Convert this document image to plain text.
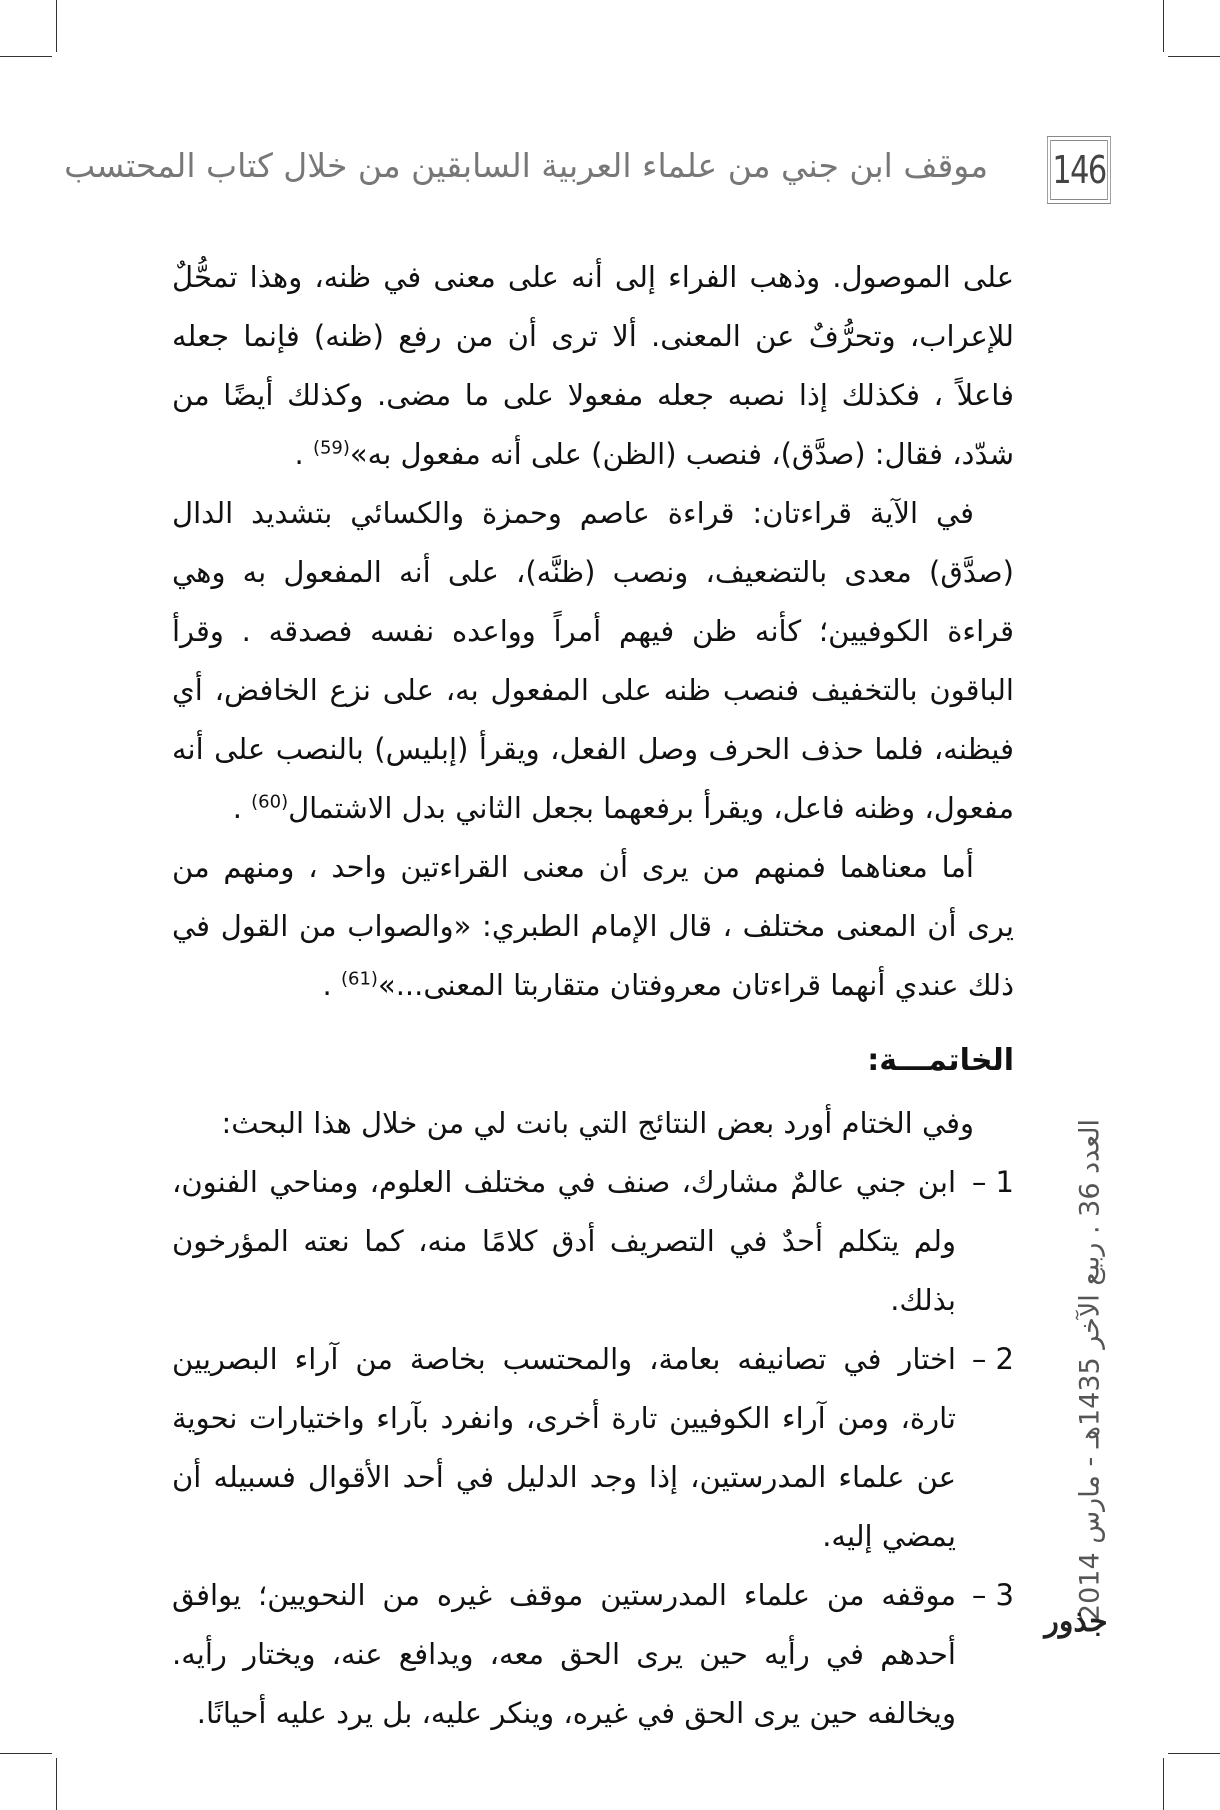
146
موقف ابن جني من علماء العربية السابقين من خلال كتاب المحتسب

على الموصول. وذهب الفراء إلى أنه على معنى في ظنه، وهذا تمحُّلٌ للإعراب، وتحرُّفٌ عن المعنى. ألا ترى أن من رفع (ظنه) فإنما جعله فاعلاً ، فكذلك إذا نصبه جعله مفعولا على ما مضى. وكذلك أيضًا من شدّد، فقال: (صدَّق)، فنصب (الظن) على أنه مفعول به»$^{(59)}$ .

في الآية قراءتان: قراءة عاصم وحمزة والكسائي بتشديد الدال (صدَّق) معدى بالتضعيف، ونصب (ظنَّه)، على أنه المفعول به وهي قراءة الكوفيين؛ كأنه ظن فيهم أمراً وواعده نفسه فصدقه . وقرأ الباقون بالتخفيف فنصب ظنه على المفعول به، على نزع الخافض، أي فيظنه، فلما حذف الحرف وصل الفعل، ويقرأ (إبليس) بالنصب على أنه مفعول، وظنه فاعل، ويقرأ برفعهما بجعل الثاني بدل الاشتمال$^{(60)}$ .

أما معناهما فمنهم من يرى أن معنى القراءتين واحد ، ومنهم من يرى أن المعنى مختلف ، قال الإمام الطبري: «والصواب من القول في ذلك عندي أنهما قراءتان معروفتان متقاربتا المعنى...»$^{(61)}$ .

الخاتمـــة:

وفي الختام أورد بعض النتائج التي بانت لي من خلال هذا البحث:

1 –
ابن جني عالمٌ مشارك، صنف في مختلف العلوم، ومناحي الفنون، ولم يتكلم أحدٌ في التصريف أدق كلامًا منه، كما نعته المؤرخون بذلك.
2 –
اختار في تصانيفه بعامة، والمحتسب بخاصة من آراء البصريين تارة، ومن آراء الكوفيين تارة أخرى، وانفرد بآراء واختيارات نحوية عن علماء المدرستين، إذا وجد الدليل في أحد الأقوال فسبيله أن يمضي إليه.
3 –
موقفه من علماء المدرستين موقف غيره من النحويين؛ يوافق أحدهم في رأيه حين يرى الحق معه، ويدافع عنه، ويختار رأيه. ويخالفه حين يرى الحق في غيره، وينكر عليه، بل يرد عليه أحيانًا.
العدد 36 . ربيع الآخر 1435هـ - مارس 2014
جذور
